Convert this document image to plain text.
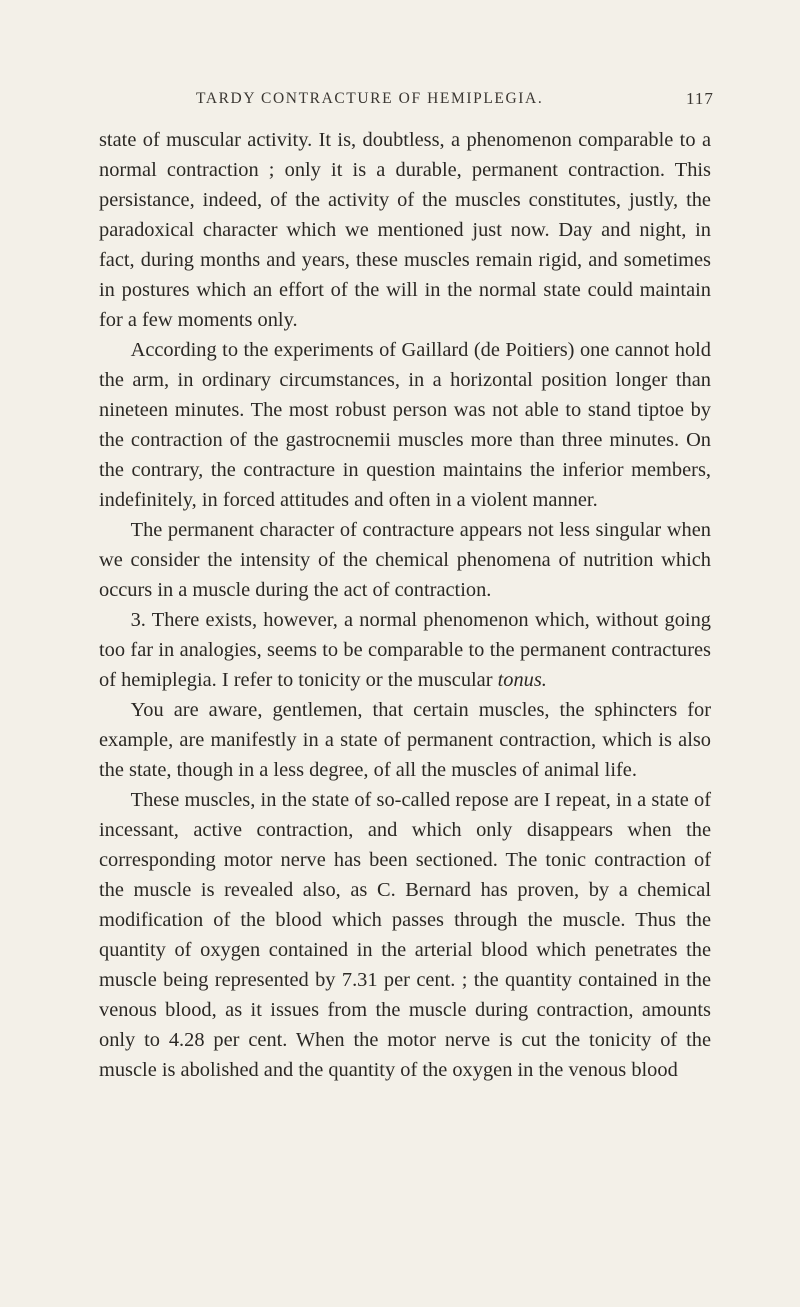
TARDY CONTRACTURE OF HEMIPLEGIA.	117

state of muscular activity. It is, doubtless, a phenomenon comparable to a normal contraction ; only it is a durable, permanent contraction. This persistance, indeed, of the activity of the muscles constitutes, justly, the paradoxical character which we mentioned just now. Day and night, in fact, during months and years, these muscles remain rigid, and sometimes in postures which an effort of the will in the normal state could maintain for a few moments only.

According to the experiments of Gaillard (de Poitiers) one cannot hold the arm, in ordinary circumstances, in a horizontal position longer than nineteen minutes. The most robust person was not able to stand tiptoe by the contraction of the gastrocnemii muscles more than three minutes. On the contrary, the contracture in question maintains the inferior members, indefinitely, in forced attitudes and often in a violent manner.

The permanent character of contracture appears not less singular when we consider the intensity of the chemical phenomena of nutrition which occurs in a muscle during the act of contraction.

3. There exists, however, a normal phenomenon which, without going too far in analogies, seems to be comparable to the permanent contractures of hemiplegia. I refer to tonicity or the muscular tonus.

You are aware, gentlemen, that certain muscles, the sphincters for example, are manifestly in a state of permanent contraction, which is also the state, though in a less degree, of all the muscles of animal life.

These muscles, in the state of so-called repose are I repeat, in a state of incessant, active contraction, and which only disappears when the corresponding motor nerve has been sectioned. The tonic contraction of the muscle is revealed also, as C. Bernard has proven, by a chemical modification of the blood which passes through the muscle. Thus the quantity of oxygen contained in the arterial blood which penetrates the muscle being represented by 7.31 per cent. ; the quantity contained in the venous blood, as it issues from the muscle during contraction, amounts only to 4.28 per cent. When the motor nerve is cut the tonicity of the muscle is abolished and the quantity of the oxygen in the venous blood
